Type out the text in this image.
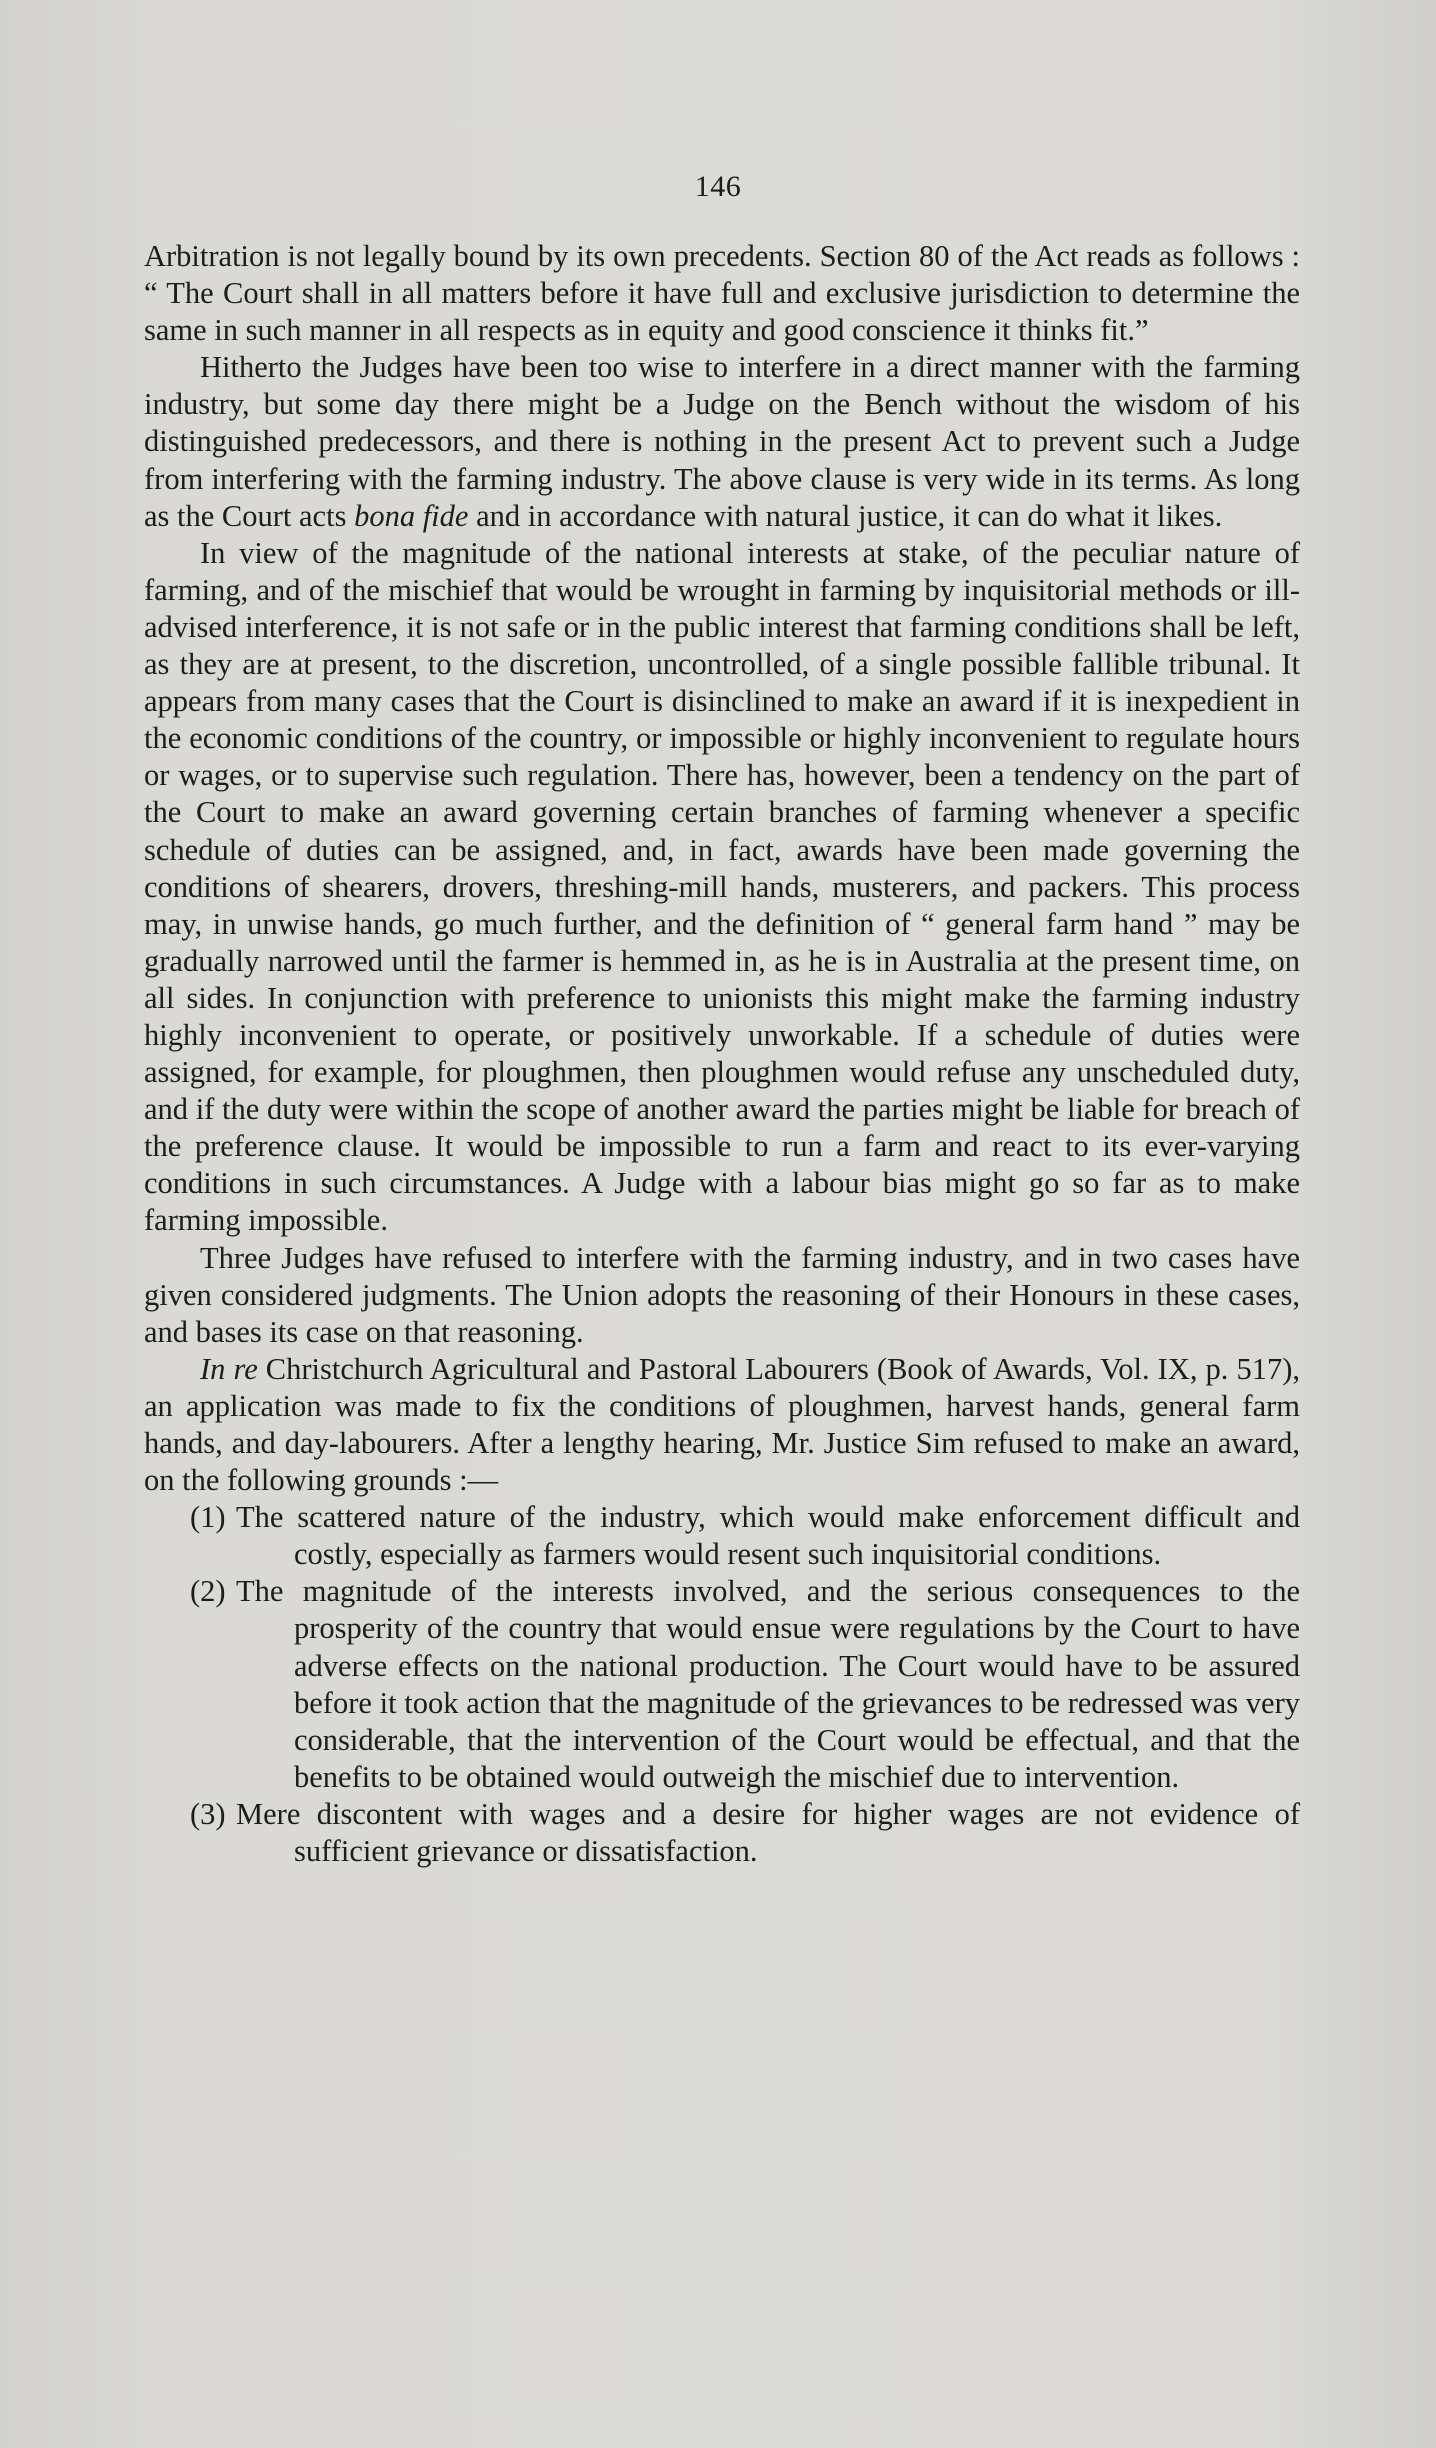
146

Arbitration is not legally bound by its own precedents. Section 80 of the Act reads as follows : “ The Court shall in all matters before it have full and exclusive jurisdiction to determine the same in such manner in all respects as in equity and good conscience it thinks fit.”

Hitherto the Judges have been too wise to interfere in a direct manner with the farming industry, but some day there might be a Judge on the Bench without the wisdom of his distinguished predecessors, and there is nothing in the present Act to prevent such a Judge from interfering with the farming industry. The above clause is very wide in its terms. As long as the Court acts bona fide and in accordance with natural justice, it can do what it likes.

In view of the magnitude of the national interests at stake, of the peculiar nature of farming, and of the mischief that would be wrought in farming by inquisitorial methods or ill-advised interference, it is not safe or in the public interest that farming conditions shall be left, as they are at present, to the discretion, uncontrolled, of a single possible fallible tribunal. It appears from many cases that the Court is disinclined to make an award if it is inexpedient in the economic conditions of the country, or impossible or highly inconvenient to regulate hours or wages, or to supervise such regulation. There has, however, been a tendency on the part of the Court to make an award governing certain branches of farming whenever a specific schedule of duties can be assigned, and, in fact, awards have been made governing the conditions of shearers, drovers, threshing-mill hands, musterers, and packers. This process may, in unwise hands, go much further, and the definition of “ general farm hand ” may be gradually narrowed until the farmer is hemmed in, as he is in Australia at the present time, on all sides. In conjunction with preference to unionists this might make the farming industry highly inconvenient to operate, or positively unworkable. If a schedule of duties were assigned, for example, for ploughmen, then ploughmen would refuse any unscheduled duty, and if the duty were within the scope of another award the parties might be liable for breach of the preference clause. It would be impossible to run a farm and react to its ever-varying conditions in such circumstances. A Judge with a labour bias might go so far as to make farming impossible.

Three Judges have refused to interfere with the farming industry, and in two cases have given considered judgments. The Union adopts the reasoning of their Honours in these cases, and bases its case on that reasoning.

In re Christchurch Agricultural and Pastoral Labourers (Book of Awards, Vol. IX, p. 517), an application was made to fix the conditions of ploughmen, harvest hands, general farm hands, and day-labourers. After a lengthy hearing, Mr. Justice Sim refused to make an award, on the following grounds :—

(1) The scattered nature of the industry, which would make enforcement difficult and costly, especially as farmers would resent such inquisitorial conditions.

(2) The magnitude of the interests involved, and the serious consequences to the prosperity of the country that would ensue were regulations by the Court to have adverse effects on the national production. The Court would have to be assured before it took action that the magnitude of the grievances to be redressed was very considerable, that the intervention of the Court would be effectual, and that the benefits to be obtained would outweigh the mischief due to intervention.

(3) Mere discontent with wages and a desire for higher wages are not evidence of sufficient grievance or dissatisfaction.
